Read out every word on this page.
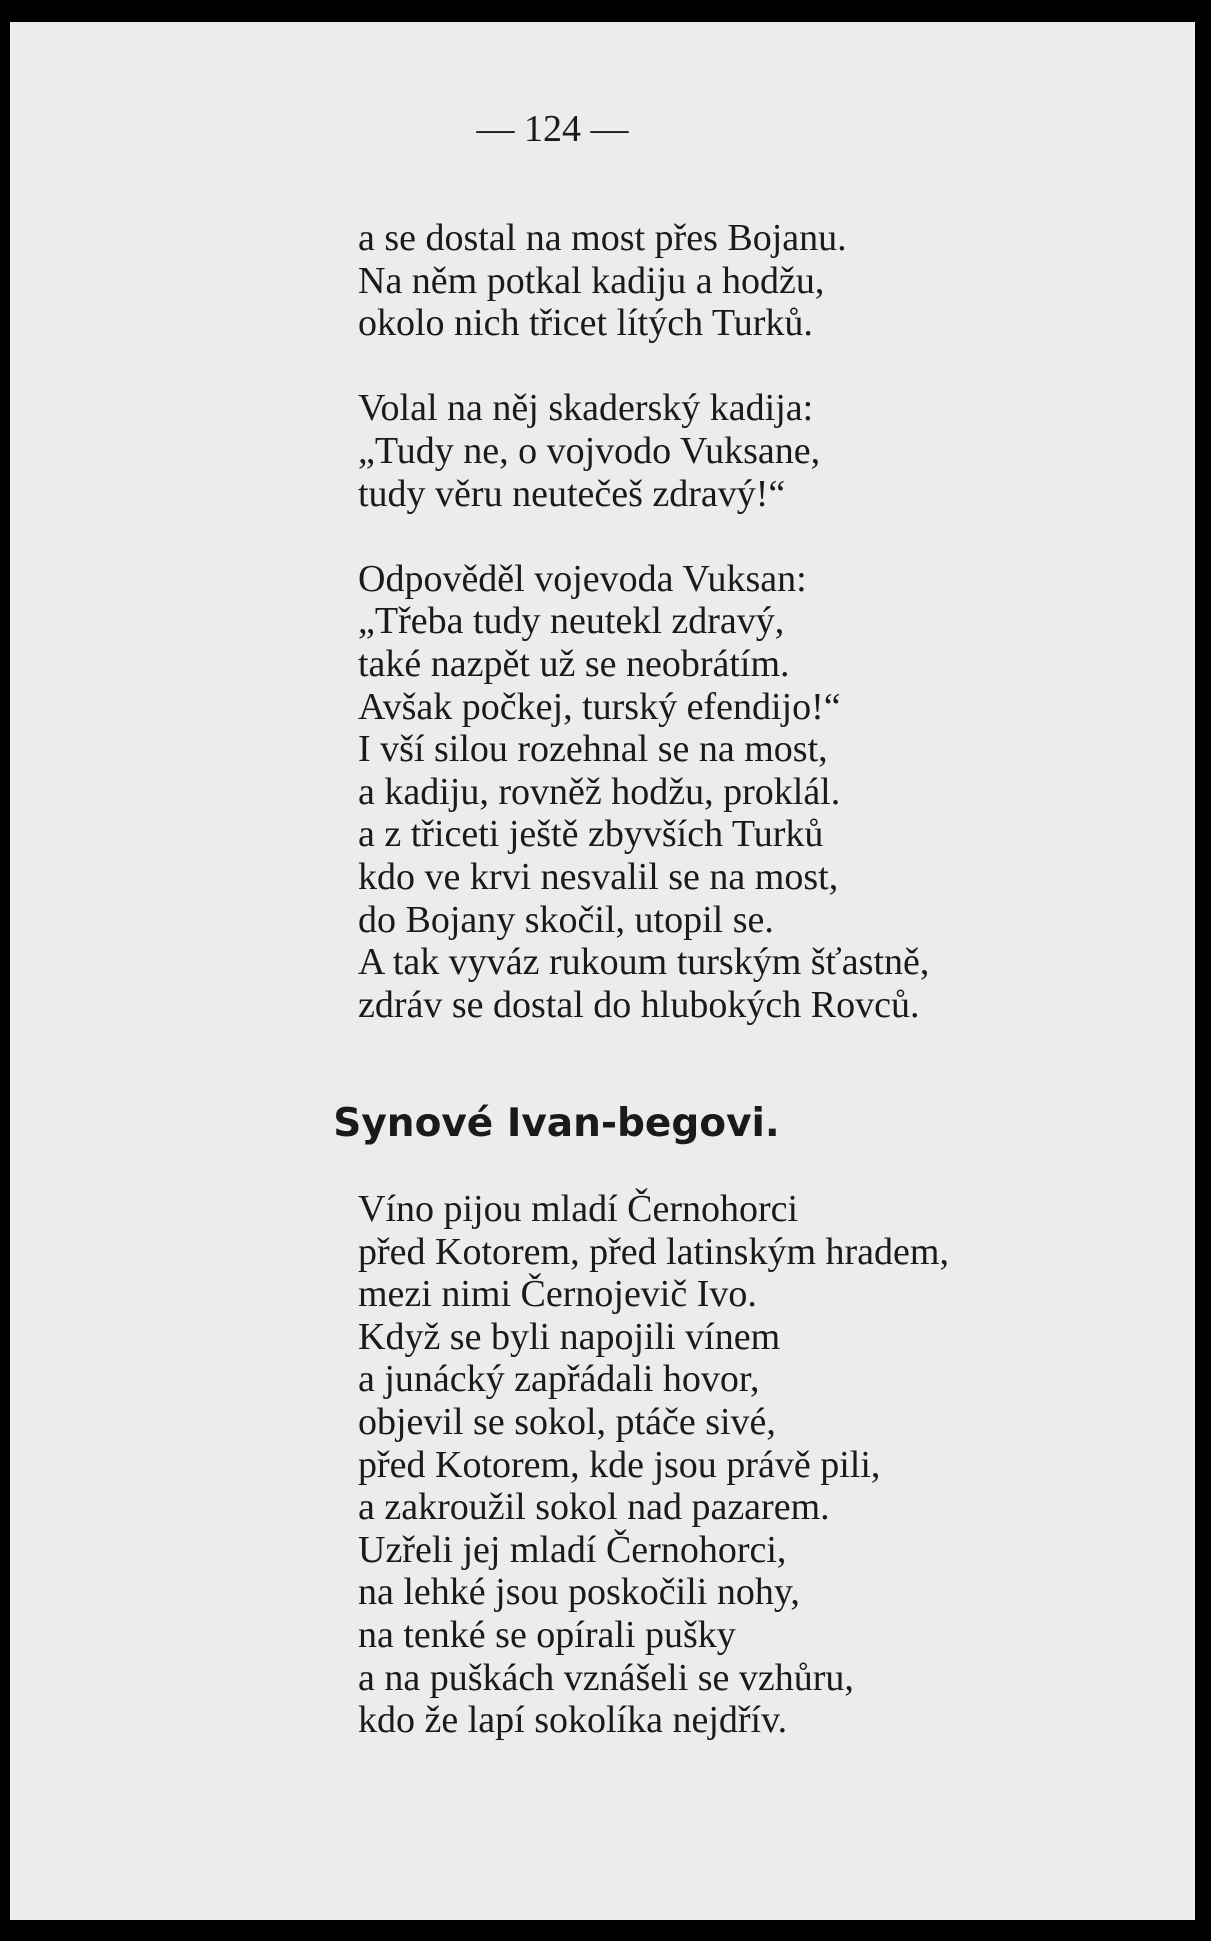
— 124 —
a se dostal na most přes Bojanu.
Na něm potkal kadiju a hodžu,
okolo nich třicet lítých Turků.
Volal na něj skaderský kadija:
„Tudy ne, o vojvodo Vuksane,
tudy věru neutečeš zdravý!“
Odpověděl vojevoda Vuksan:
„Třeba tudy neutekl zdravý,
také nazpět už se neobrátím.
Avšak počkej, turský efendijo!“
I vší silou rozehnal se na most,
a kadiju, rovněž hodžu, proklál.
a z třiceti ještě zbyvších Turků
kdo ve krvi nesvalil se na most,
do Bojany skočil, utopil se.
A tak vyváz rukoum turským šťastně,
zdráv se dostal do hlubokých Rovců.
Synové Ivan-begovi.
Víno pijou mladí Černohorci
před Kotorem, před latinským hradem,
mezi nimi Černojevič Ivo.
Když se byli napojili vínem
a junácký zapřádali hovor,
objevil se sokol, ptáče sivé,
před Kotorem, kde jsou právě pili,
a zakroužil sokol nad pazarem.
Uzřeli jej mladí Černohorci,
na lehké jsou poskočili nohy,
na tenké se opírali pušky
a na puškách vznášeli se vzhůru,
kdo že lapí sokolíka nejdřív.
